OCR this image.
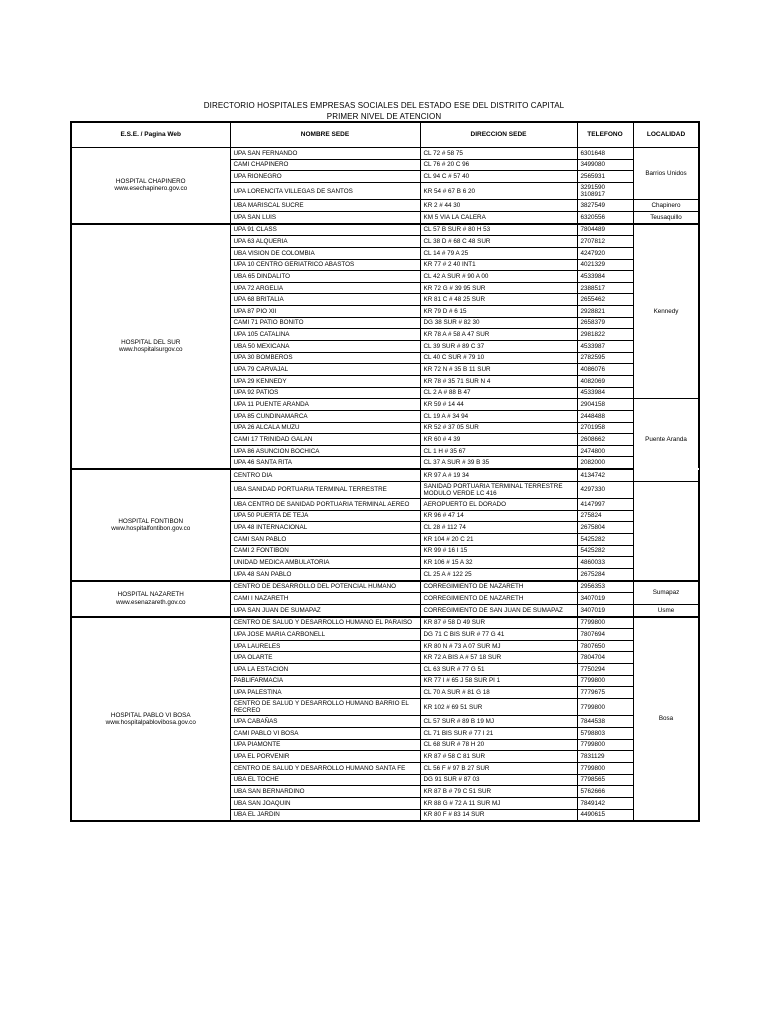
DIRECTORIO HOSPITALES EMPRESAS SOCIALES DEL ESTADO ESE DEL DISTRITO CAPITAL
PRIMER NIVEL DE ATENCION
E.S.E. / Pagina Web	NOMBRE SEDE	DIRECCION SEDE	TELEFONO	LOCALIDAD	

HOSPITAL CHAPINERO
www.esechapinero.gov.co	UPA SAN FERNANDO	CL 72 # 58 75	6301648	Barrios Unidos	
	CAMI CHAPINERO	CL 76 # 20 C 96	3499080		
	UPA RIONEGRO	CL 94 C # 57 40	2565931		
	UPA LORENCITA VILLEGAS DE SANTOS	KR 54 # 67 B 6 20	3291590
3108917		
	UBA MARISCAL SUCRE	KR 2 # 44 30	3827549	Chapinero	
	UPA SAN LUIS	KM 5 VIA LA CALERA	6320556	Teusaquillo	

HOSPITAL DEL SUR
www.hospitalsurgov.co	UPA 91 CLASS	CL 57 B SUR # 80 H 53	7804489	Kennedy	
	UPA 63 ALQUERIA	CL 38 D # 68 C 48 SUR	2707812		
	UBA VISION DE COLOMBIA	CL 14 # 79 A 25	4247920		
	UPA 10 CENTRO GERIATRICO ABASTOS	KR 77 # 2 40 INT1	4021329		
	UBA 65 DINDALITO	CL 42 A SUR # 90 A 00	4533984		
	UPA 72 ARGELIA	KR 72 G # 39 95 SUR	2388517		
	UPA 68 BRITALIA	KR 81 C # 48 25 SUR	2655462		
	UPA 87 PIO XII	KR 79 D # 6 15	2928821		
	CAMI 71 PATIO BONITO	DG 38 SUR # 82 30	2658379		
	UPA 105 CATALINA	KR 78 A # 58 A 47 SUR	2981822		
	UBA 50 MEXICANA	CL 39 SUR # 89 C 37	4533987		
	UPA 30 BOMBEROS	CL 40 C SUR # 79 10	2782595		
	UPA 79 CARVAJAL	KR 72 N # 35 B 11 SUR	4086076		
	UPA 29 KENNEDY	KR 78 # 35 71 SUR N 4	4082069		
	UPA 92 PATIOS	CL 2 A # 88 B 47	4533984		
	UPA 11 PUENTE ARANDA	KR 59 # 14 44	2904158	Puente Aranda	
	UPA 85 CUNDINAMARCA	CL 19 A # 34 94	2448488		
	UPA 26 ALCALA MUZU	KR 52 # 37 05 SUR	2701958		
	CAMI 17 TRINIDAD GALAN	KR 60 # 4 39	2608662		
	UPA 86 ASUNCION BOCHICA	CL 1 H # 35 67	2474800		
	UPA 46 SANTA RITA	CL 37 A SUR # 39 B 35	2082000		

HOSPITAL FONTIBON
www.hospitalfontibon.gov.co	CENTRO DIA	KR 97 A # 19 34	4134742	
	UBA SANIDAD PORTUARIA TERMINAL TERRESTRE	SANIDAD PORTUARIA TERMINAL TERRESTRE MODULO VERDE LC 416	4297330		
	UBA CENTRO DE SANIDAD PORTUARIA TERMINAL AEREO	AEROPUERTO EL DORADO	4147997		
	UPA 50 PUERTA DE TEJA	KR 96 # 47 14	275824		
	UPA 48 INTERNACIONAL	CL 28 # 112 74	2675804		
	CAMI SAN PABLO	KR 104 # 20 C 21	5425282		
	CAMI 2 FONTIBON	KR 99 # 16 I 15	5425282		
	UNIDAD MEDICA AMBULATORIA	KR 106 # 15 A 32	4860033		
	UPA 48 SAN PABLO	CL 25 A # 122 25	2675284		

HOSPITAL NAZARETH
www.esenazareth.gov.co	CENTRO DE DESARROLLO DEL POTENCIAL HUMANO	CORREGIMIENTO DE NAZARETH	2956353	Sumapaz	
	CAMI I NAZARETH	CORREGIMIENTO DE NAZARETH	3407019		
	UPA SAN JUAN DE SUMAPAZ	CORREGIMIENTO DE SAN JUAN DE SUMAPAZ	3407019	Usme	

HOSPITAL PABLO VI BOSA
www.hospitalpablovibosa.gov.co	CENTRO DE SALUD Y DESARROLLO HUMANO EL PARAISO	KR 87 # 58 D 49 SUR	7799800	Bosa	
	UPA JOSE MARIA CARBONELL	DG 71 C BIS SUR # 77 G 41	7807694		
	UPA LAURELES	KR 80 N # 73 A 07 SUR MJ	7807650		
	UPA OLARTE	KR 72 A BIS A # 57 18 SUR	7804704		
	UPA LA ESTACION	CL 63 SUR # 77 G 51	7750294		
	PABLIFARMACIA	KR 77 I # 65 J 58 SUR PI 1	7799800		
	UPA PALESTINA	CL 70 A SUR # 81 G 18	7779675		
	CENTRO DE SALUD Y DESARROLLO HUMANO BARRIO EL RECREO	KR 102 # 69 51 SUR	7799800		
	UPA CABAÑAS	CL 57 SUR # 89 B 19 MJ	7844538		
	CAMI PABLO VI BOSA	CL 71 BIS SUR # 77 I 21	5798803		
	UPA PIAMONTE	CL 68 SUR # 78 H 20	7799800		
	UPA EL PORVENIR	KR 87 # 58 C 81 SUR	7831129		
	CENTRO DE SALUD Y DESARROLLO HUMANO SANTA FE	CL 56 F # 97 B 27 SUR	7799800		
	UBA EL TOCHE	DG 91 SUR # 87 03	7798565		
	UBA SAN BERNARDINO	KR 87 B # 79 C 51 SUR	5762666		
	UBA SAN JOAQUIN	KR 88 G # 72 A 11 SUR MJ	7849142		
	UBA EL JARDIN	KR 80 F # 83 14 SUR	4490615		
